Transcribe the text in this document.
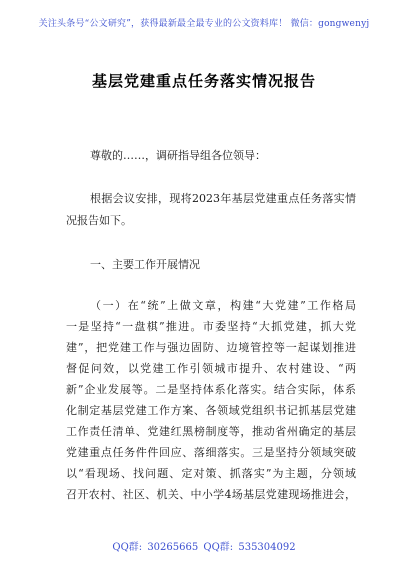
关注头条号“公文研究”，获得最新最全最专业的公文资料库！ 微信：gongwenyj
基层党建重点任务落实情况报告
尊敬的……，调研指导组各位领导：
根据会议安排，现将2023年基层党建重点任务落实情
况报告如下。
一、主要工作开展情况
（一）在“统”上做文章，构建“大党建”工作格局
一是坚持“一盘棋”推进。市委坚持“大抓党建，抓大党
建”，把党建工作与强边固防、边境管控等一起谋划推进
督促问效，以党建工作引领城市提升、农村建设、“两
新”企业发展等。二是坚持体系化落实。结合实际，体系
化制定基层党建工作方案、各领域党组织书记抓基层党建
工作责任清单、党建红黑榜制度等，推动省州确定的基层
党建重点任务件件回应、落细落实。三是坚持分领域突破
以“看现场、找问题、定对策、抓落实”为主题，分领域
召开农村、社区、机关、中小学4场基层党建现场推进会，
QQ群: 30265665 QQ群: 535304092
